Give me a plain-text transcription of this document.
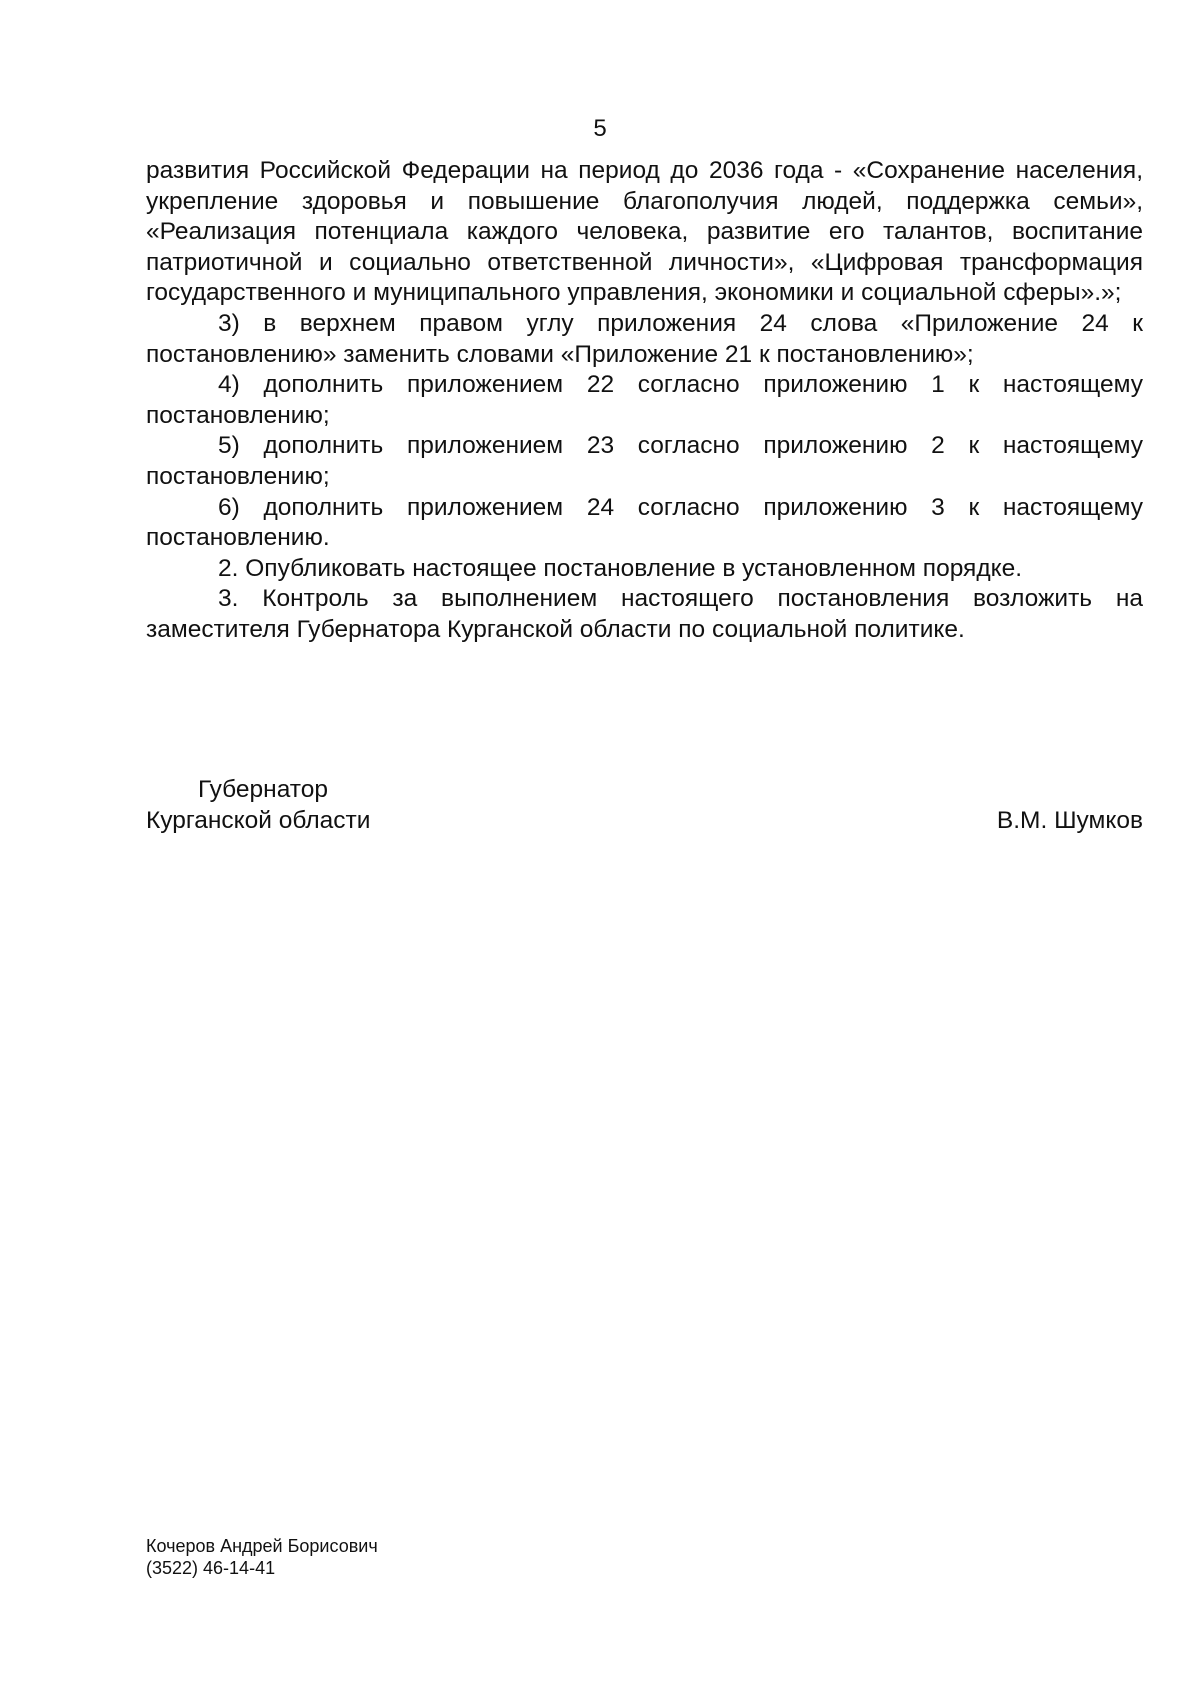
5

развития Российской Федерации на период до 2036 года - «Сохранение населения, укрепление здоровья и повышение благополучия людей, поддержка семьи», «Реализация потенциала каждого человека, развитие его талантов, воспитание патриотичной и социально ответственной личности», «Цифровая трансформация государственного и муниципального управления, экономики и социальной сферы».»;

3) в верхнем правом углу приложения 24 слова «Приложение 24 к постановлению» заменить словами «Приложение 21 к постановлению»;

4) дополнить приложением 22 согласно приложению 1 к настоящему постановлению;

5) дополнить приложением 23 согласно приложению 2 к настоящему постановлению;

6) дополнить приложением 24 согласно приложению 3 к настоящему постановлению.

2. Опубликовать настоящее постановление в установленном порядке.

3. Контроль за выполнением настоящего постановления возложить на заместителя Губернатора Курганской области по социальной политике.

Губернатор
Курганской области	В.М. Шумков
Кочеров Андрей Борисович
(3522) 46-14-41
